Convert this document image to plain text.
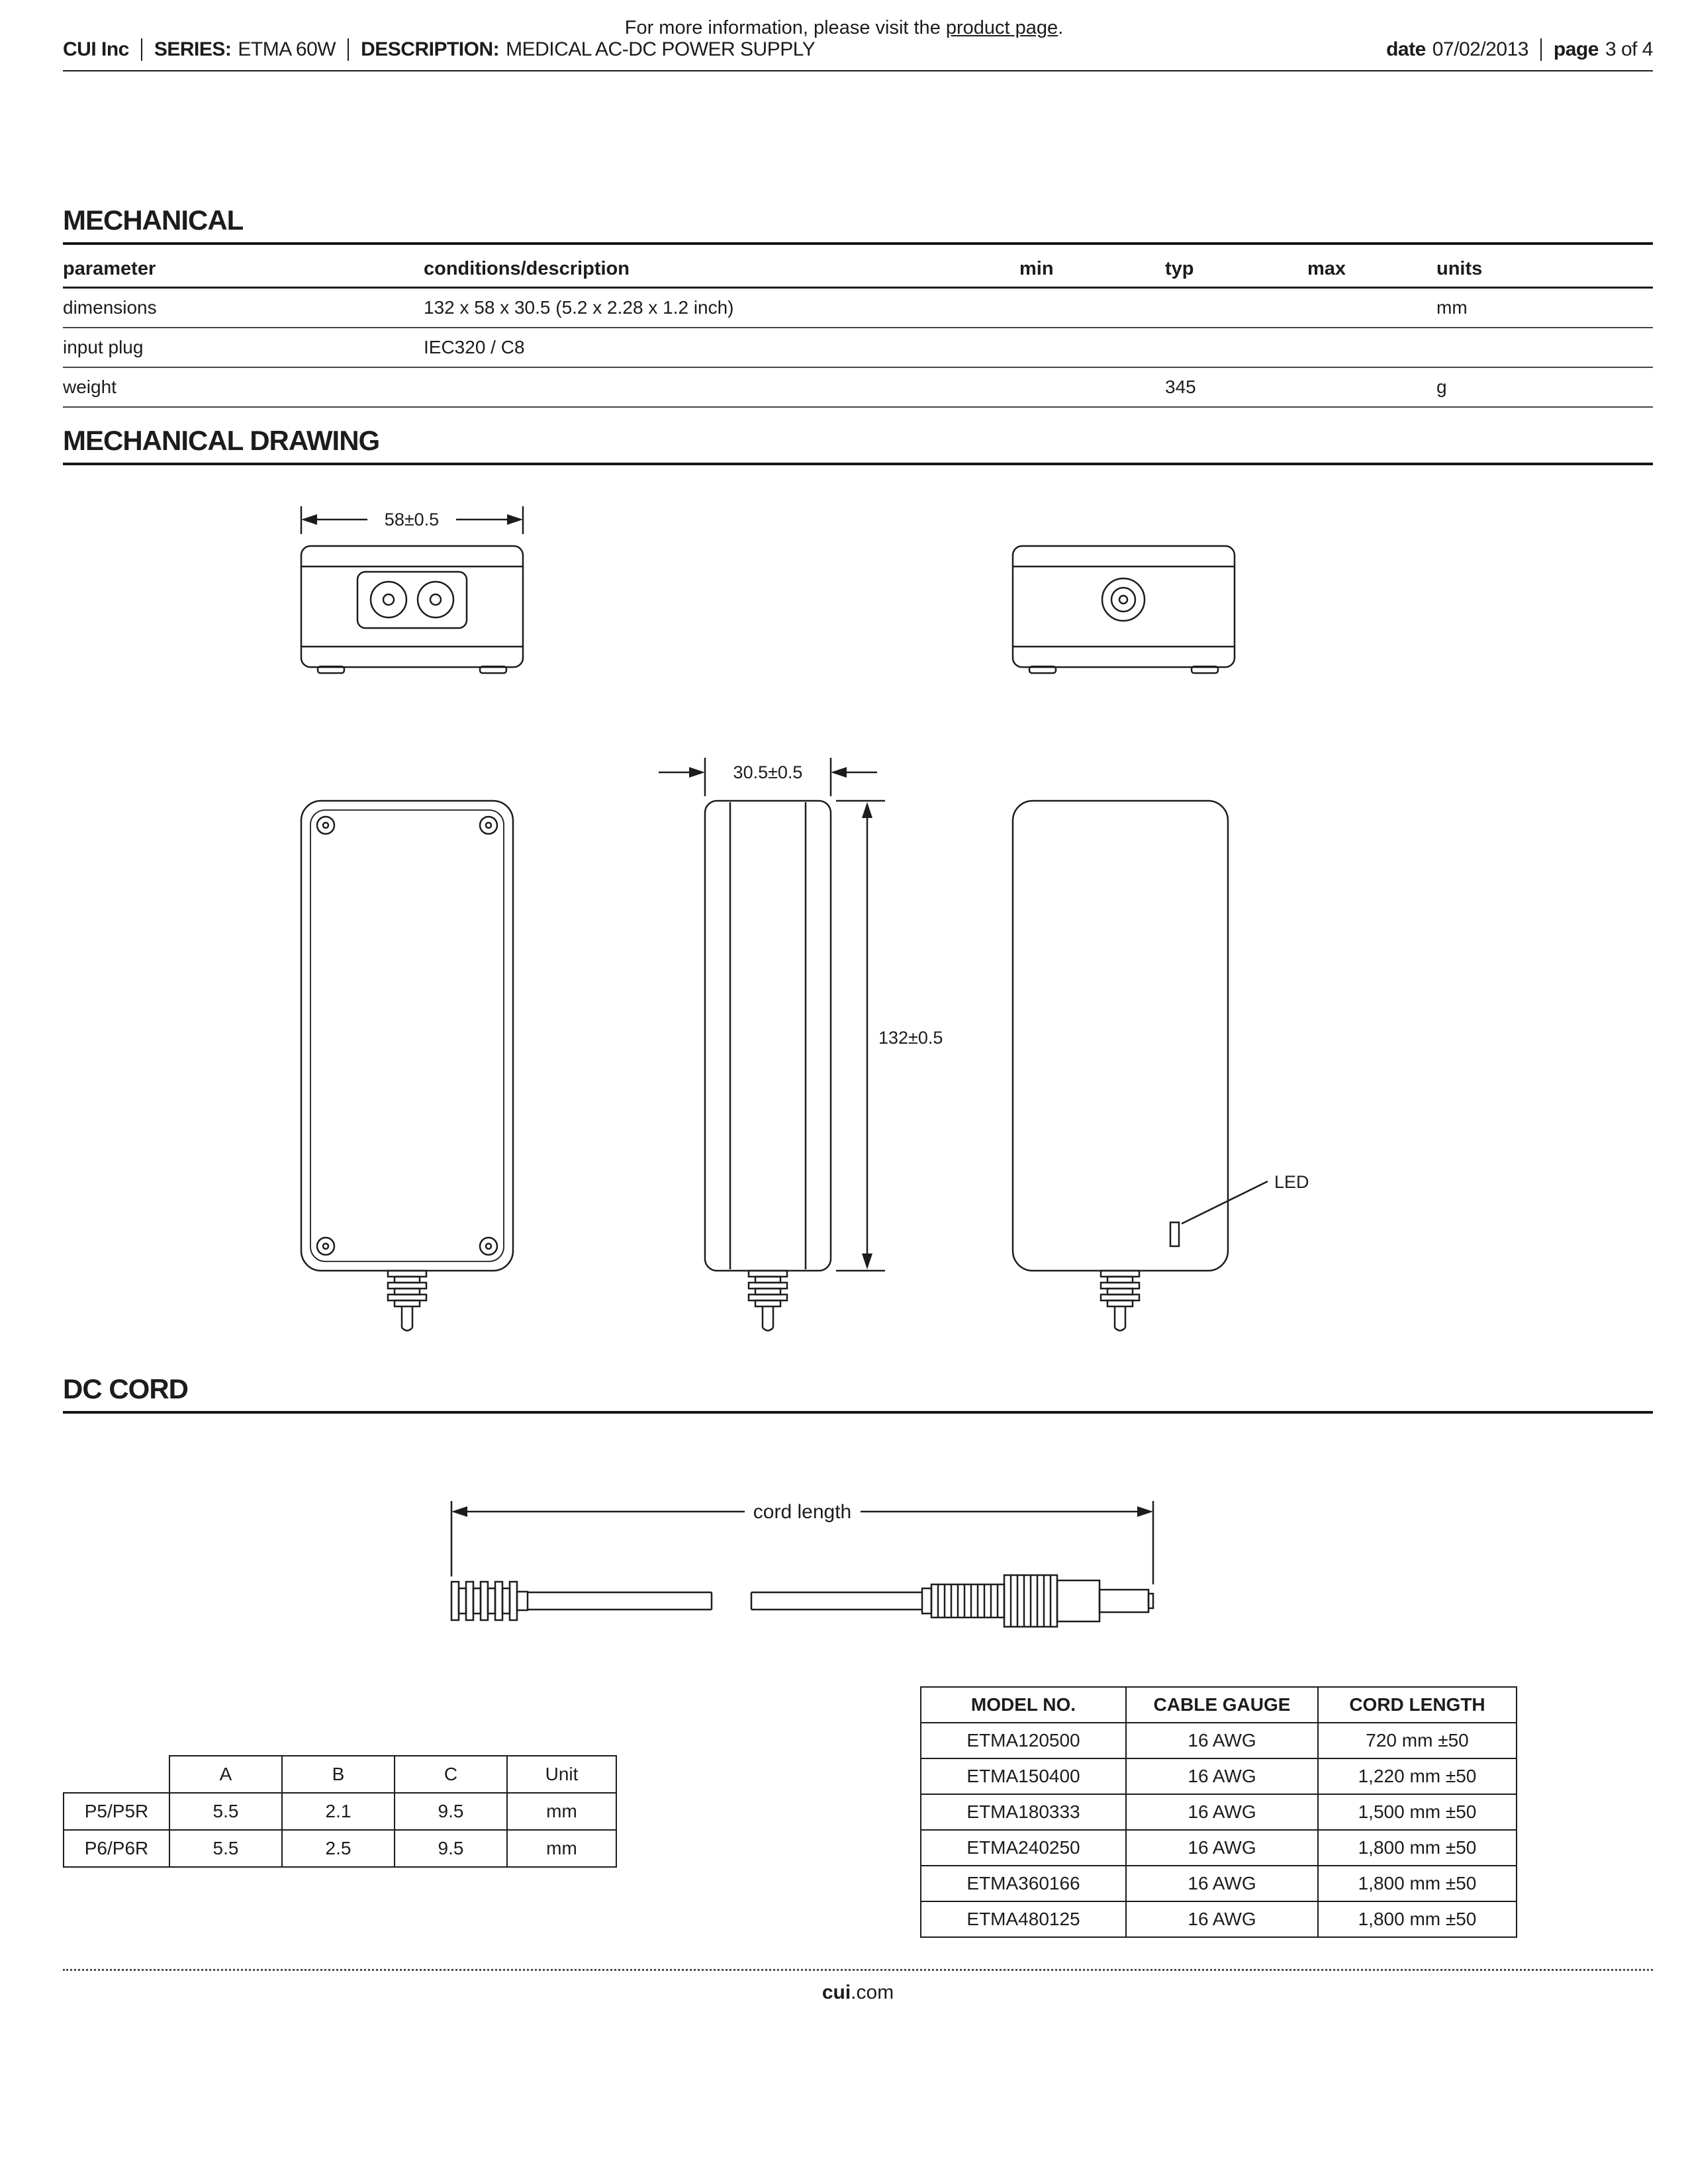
For more information, please visit the product page.
CUI Inc SERIES: ETMA 60W DESCRIPTION: MEDICAL AC-DC POWER SUPPLY	date 07/02/2013 page 3 of 4
MECHANICAL
parameter	conditions/description	min	typ	max	units
dimensions	132 x 58 x 30.5 (5.2 x 2.28 x 1.2 inch)				mm
input plug	IEC320 / C8				
weight			345		g
MECHANICAL DRAWING
58±0.5
30.5±0.5
132±0.5
LED
DC CORD
cord length
	A	B	C	Unit
P5/P5R	5.5	2.1	9.5	mm
P6/P6R	5.5	2.5	9.5	mm
MODEL NO.	CABLE GAUGE	CORD LENGTH
ETMA120500	16 AWG	720 mm ±50
ETMA150400	16 AWG	1,220 mm ±50
ETMA180333	16 AWG	1,500 mm ±50
ETMA240250	16 AWG	1,800 mm ±50
ETMA360166	16 AWG	1,800 mm ±50
ETMA480125	16 AWG	1,800 mm ±50
cui.com
